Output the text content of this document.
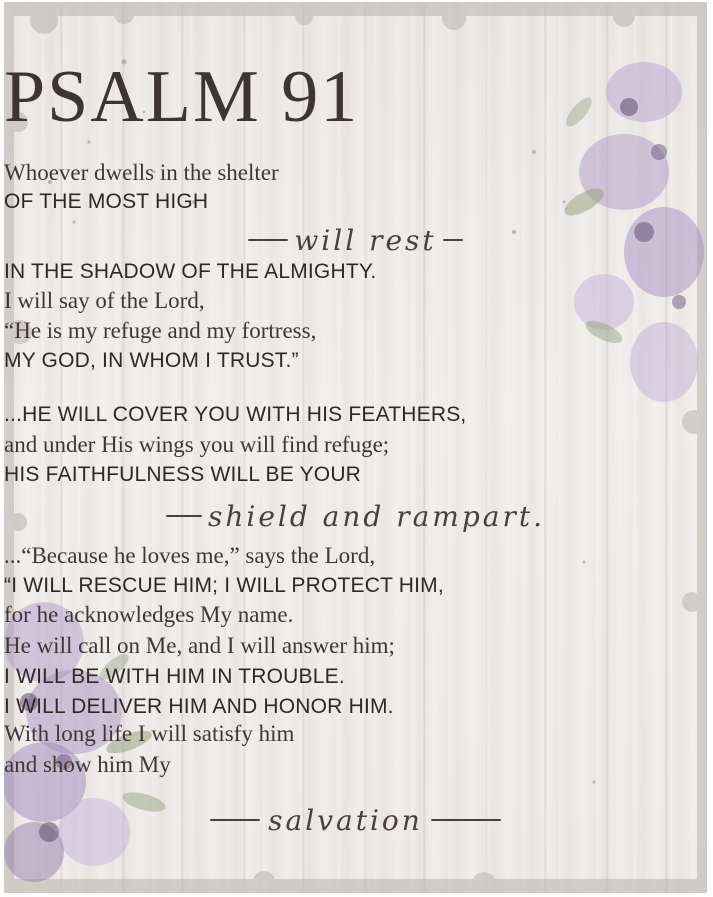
PSALM 91
Whoever dwells in the shelter
OF THE MOST HIGH
will rest
IN THE SHADOW OF THE ALMIGHTY.
I will say of the Lord,
“He is my refuge and my fortress,
MY GOD, IN WHOM I TRUST.”
...HE WILL COVER YOU WITH HIS FEATHERS,
and under His wings you will find refuge;
HIS FAITHFULNESS WILL BE YOUR
shield and rampart.
...“Because he loves me,” says the Lord,
“I WILL RESCUE HIM; I WILL PROTECT HIM,
for he acknowledges My name.
He will call on Me, and I will answer him;
I WILL BE WITH HIM IN TROUBLE.
I WILL DELIVER HIM AND HONOR HIM.
With long life I will satisfy him
and show him My
salvation
